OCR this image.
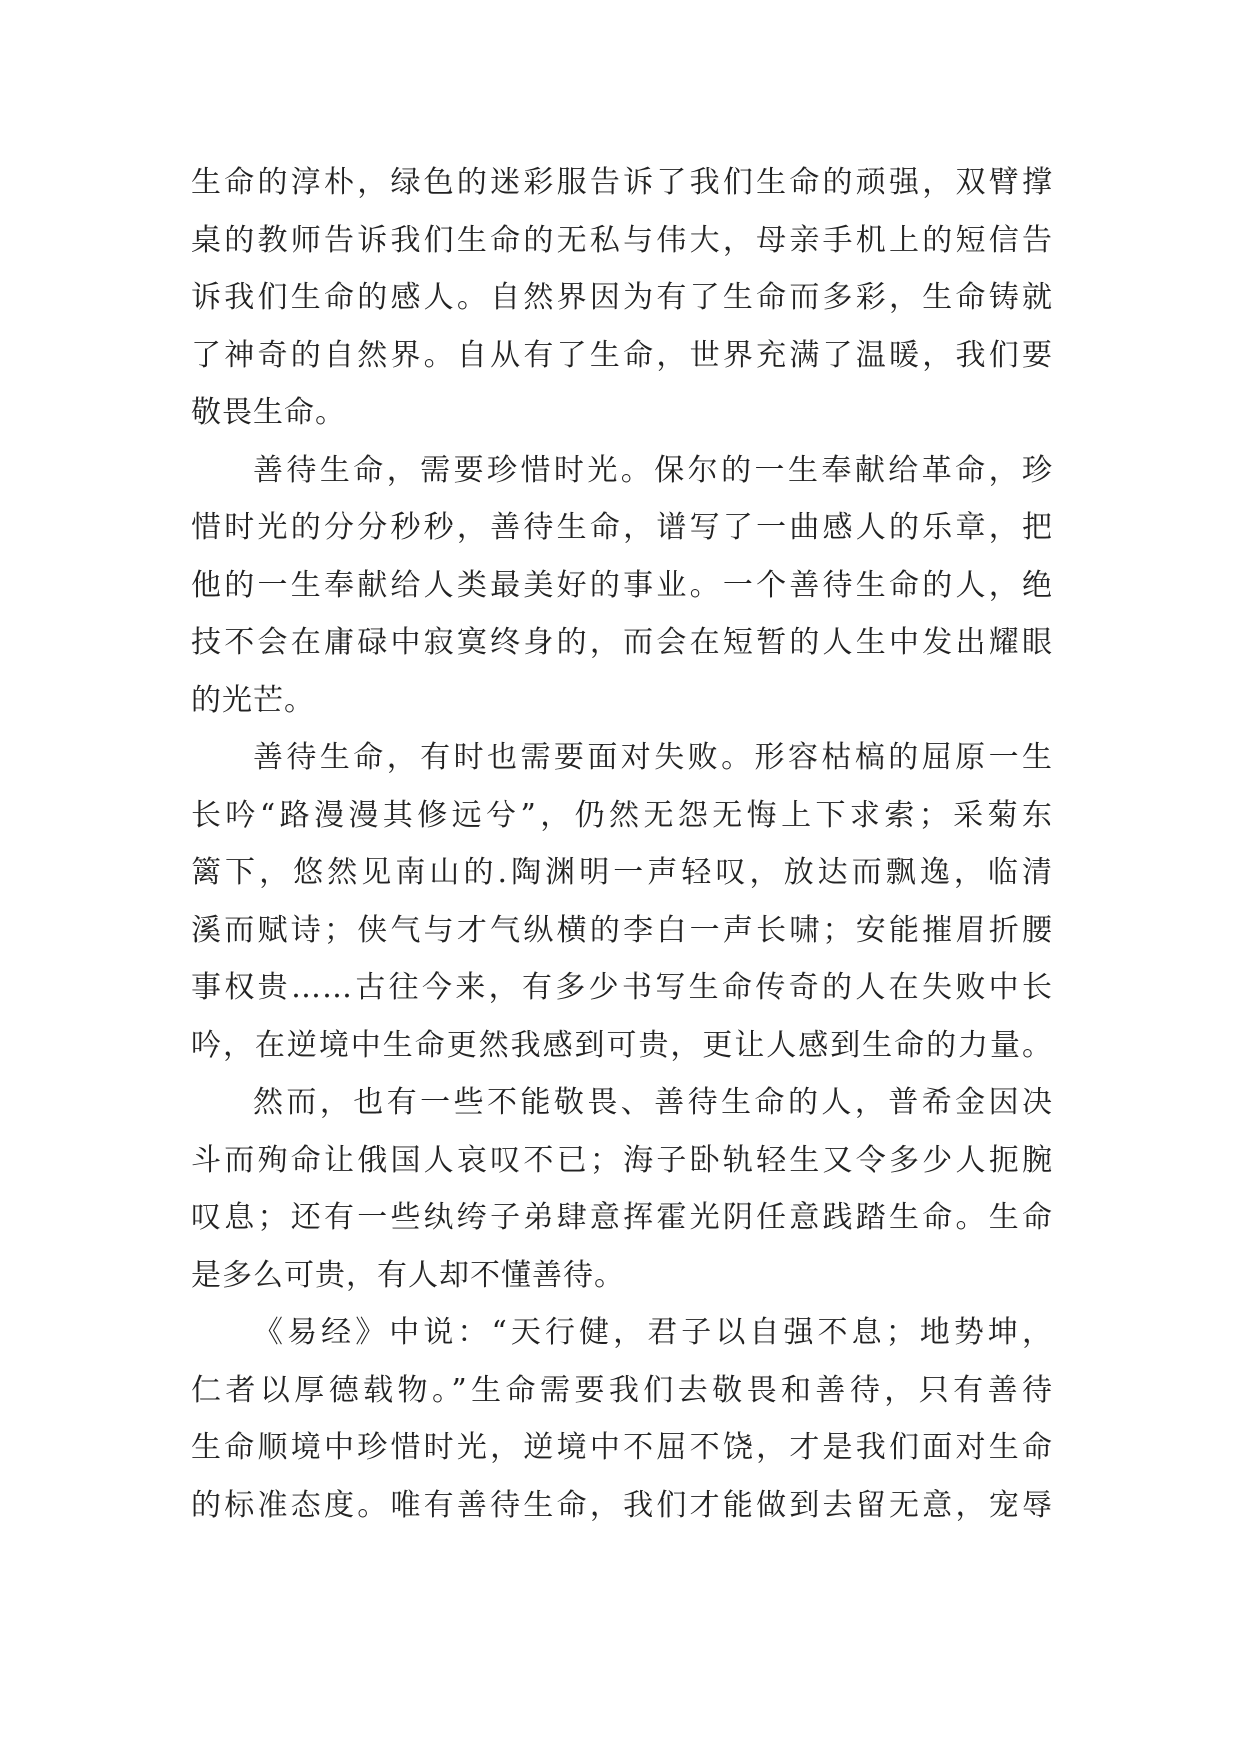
生命的淳朴，绿色的迷彩服告诉了我们生命的顽强，双臂撑
桌的教师告诉我们生命的无私与伟大，母亲手机上的短信告
诉我们生命的感人。自然界因为有了生命而多彩，生命铸就
了神奇的自然界。自从有了生命，世界充满了温暖，我们要
敬畏生命。
善待生命，需要珍惜时光。保尔的一生奉献给革命，珍
惜时光的分分秒秒，善待生命，谱写了一曲感人的乐章，把
他的一生奉献给人类最美好的事业。一个善待生命的人，绝
技不会在庸碌中寂寞终身的，而会在短暂的人生中发出耀眼
的光芒。
善待生命，有时也需要面对失败。形容枯槁的屈原一生
长吟“路漫漫其修远兮”，仍然无怨无悔上下求索；采菊东
篱下，悠然见南山的.陶渊明一声轻叹，放达而飘逸，临清
溪而赋诗；侠气与才气纵横的李白一声长啸；安能摧眉折腰
事权贵……古往今来，有多少书写生命传奇的人在失败中长
吟，在逆境中生命更然我感到可贵，更让人感到生命的力量。
然而，也有一些不能敬畏、善待生命的人，普希金因决
斗而殉命让俄国人哀叹不已；海子卧轨轻生又令多少人扼腕
叹息；还有一些纨绔子弟肆意挥霍光阴任意践踏生命。生命
是多么可贵，有人却不懂善待。
《易经》中说：“天行健，君子以自强不息；地势坤，
仁者以厚德载物。”生命需要我们去敬畏和善待，只有善待
生命顺境中珍惜时光，逆境中不屈不饶，才是我们面对生命
的标准态度。唯有善待生命，我们才能做到去留无意，宠辱
